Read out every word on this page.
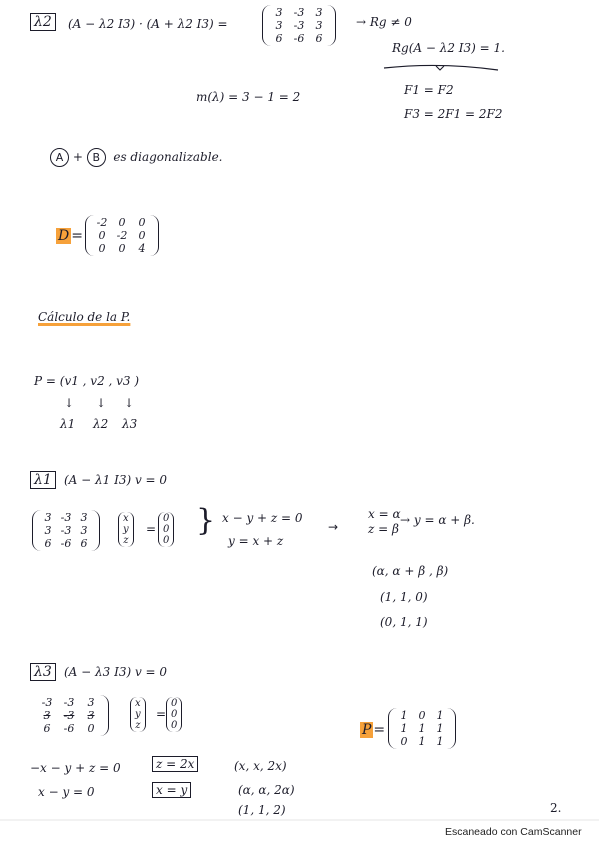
λ2	(A − λ2 I3) · (A + λ2 I3) =
3	-3	3
3	-3	3
6	-6	6
→ Rg ≠ 0
Rg(A − λ2 I3) = 1.
m(λ) = 3 − 1 = 2	F1 = F2
F3 = 2F1 = 2F2
A + B es diagonalizable.
D =
-2	0	0
0	-2	0
0	0	4
Cálculo de la P.
P = (v1 , v2 , v3 )
↓ ↓ ↓
λ1 λ2 λ3
λ1	(A − λ1 I3) v = 0
3 -3 3
3 -3 3
6 -6 6
x
y
z
=
0
0
0
} x − y + z = 0
y = x + z
→
x = α
z = β
→ y = α + β.
(α, α + β , β)
(1, 1, 0)
(0, 1, 1)
λ3	(A − λ3 I3) v = 0
-3	-3	3
3	-3	3
6	-6	0
x
y
z
=
0
0
0
−x − y + z = 0
x − y = 0
z = 2x
x = y
(x, x, 2x)
(α, α, 2α)
(1, 1, 2)
P =
1	0	1
1	1	1
0	1	1
2.
Escaneado con CamScanner
